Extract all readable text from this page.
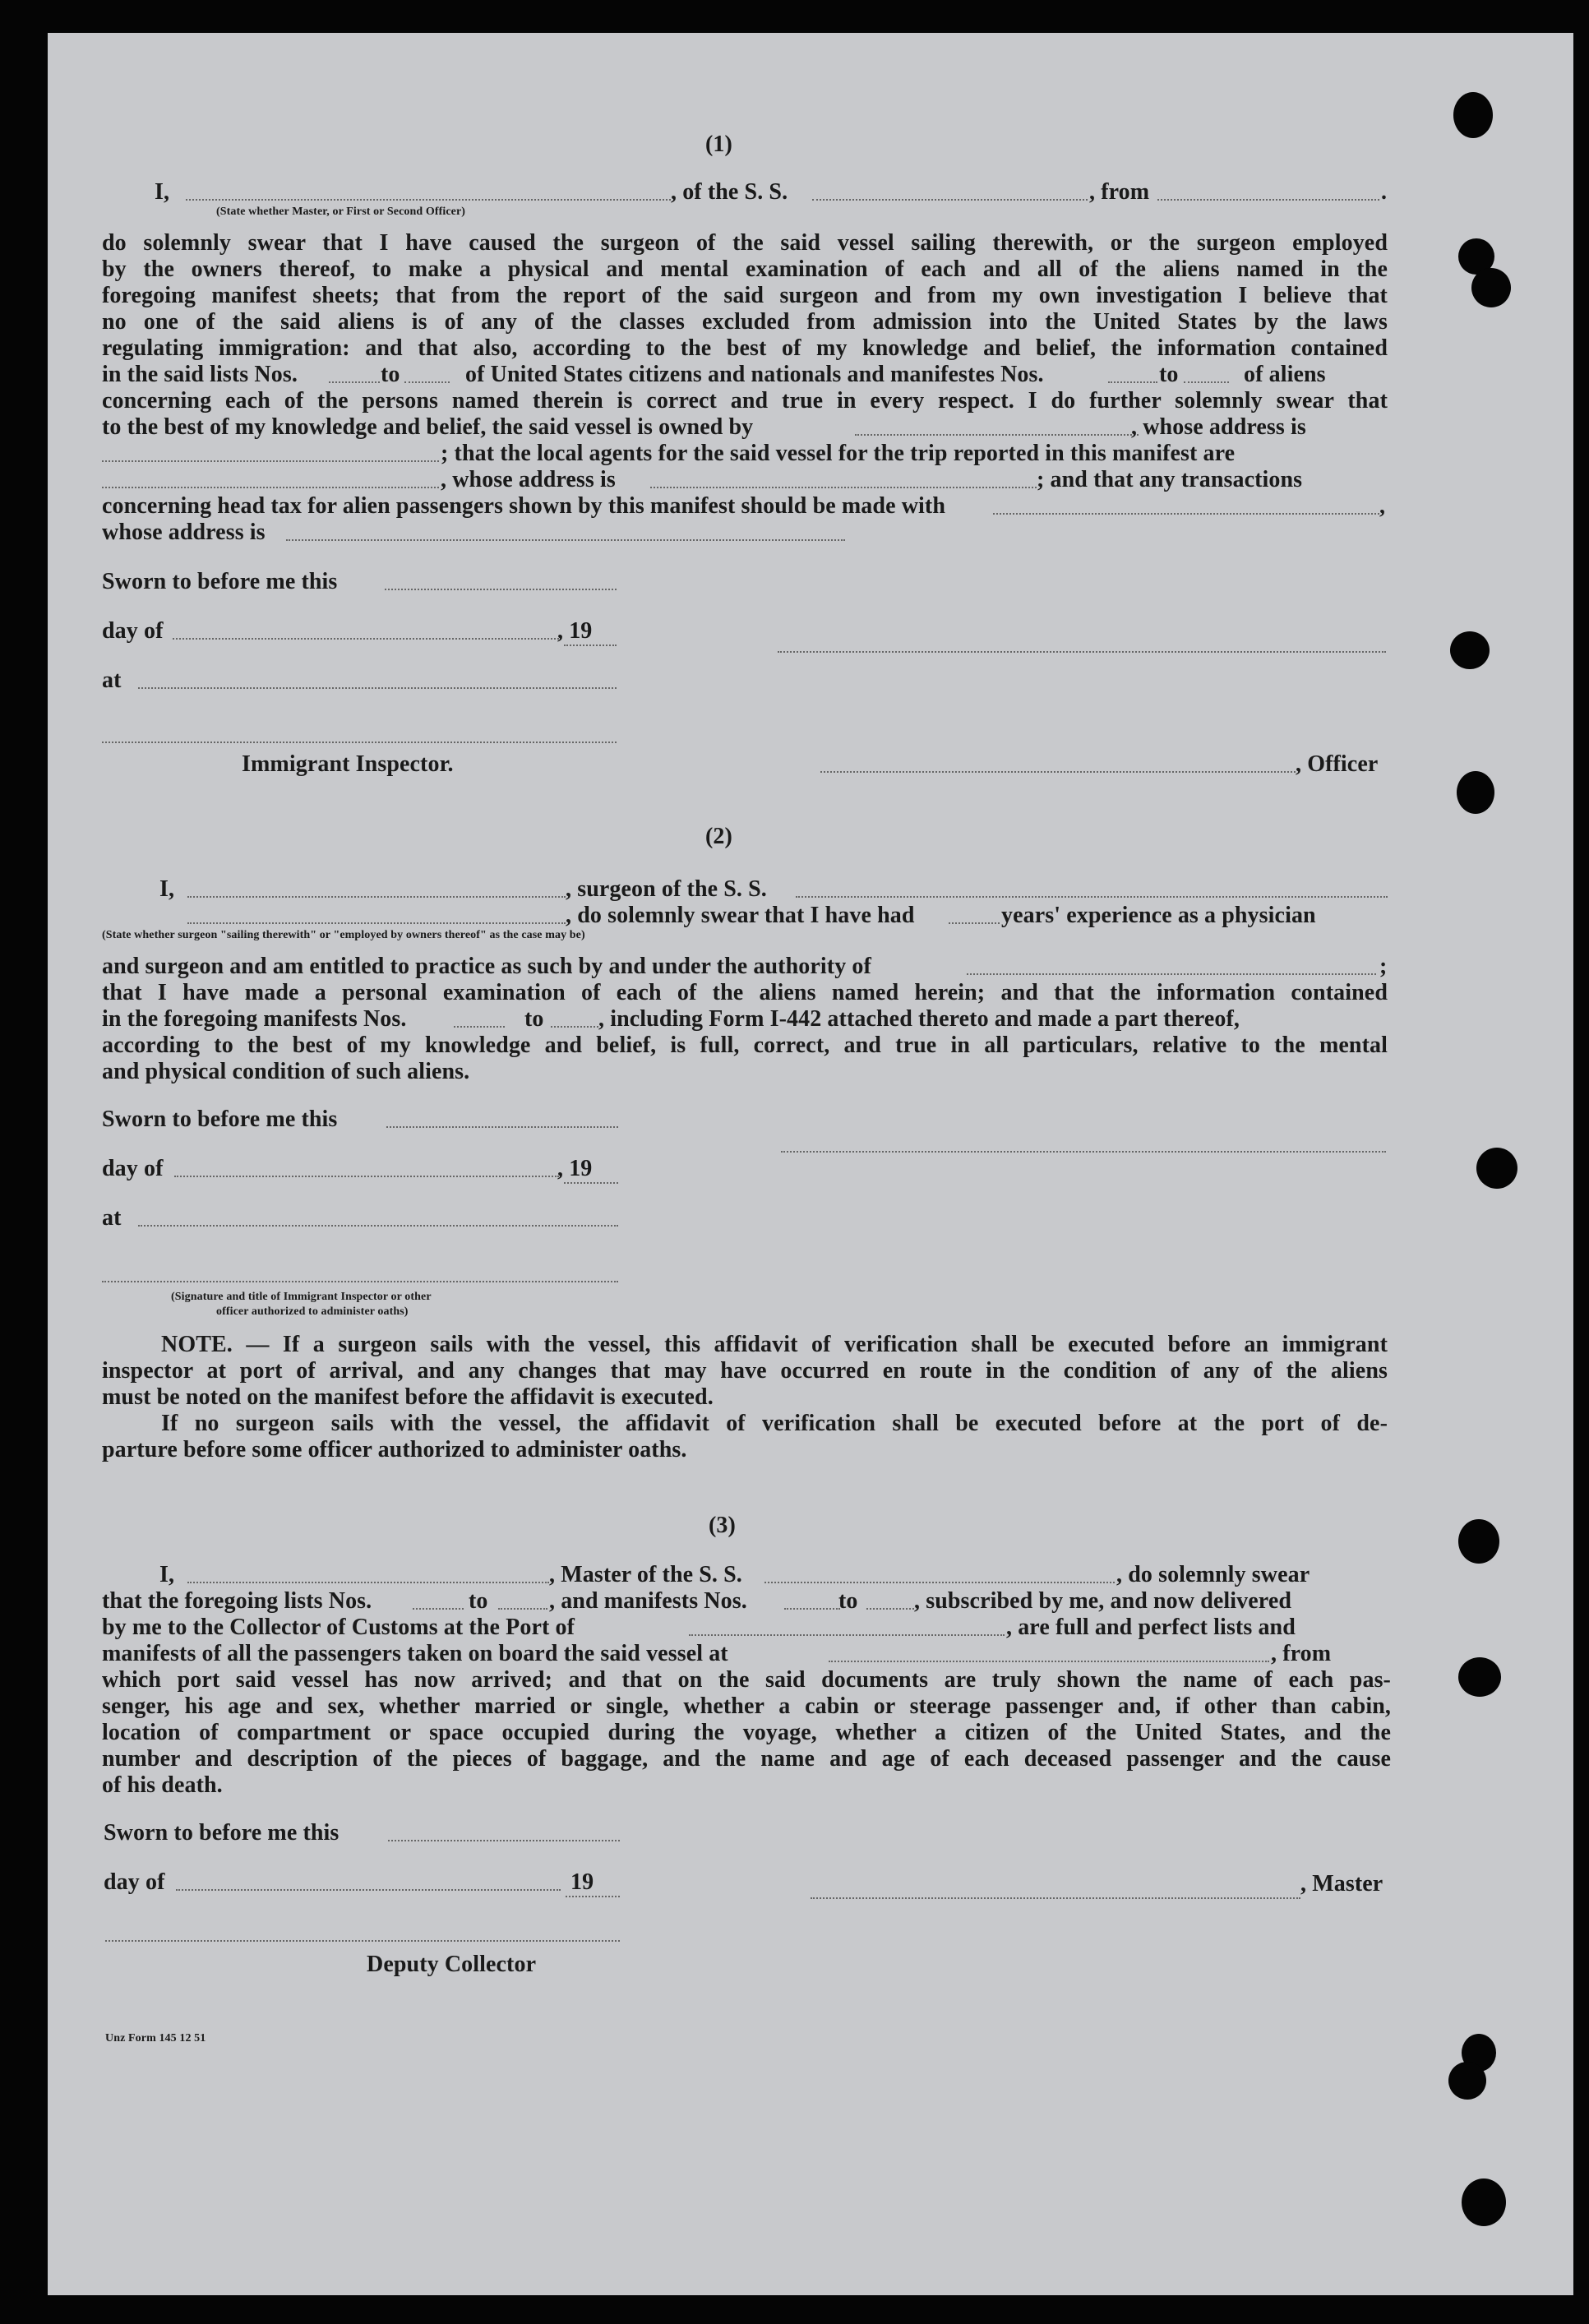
(1)
I,	, of the S. S.	, from	.
(State whether Master, or First or Second Officer)
do solemnly swear that I have caused the surgeon of the said vessel sailing therewith, or the surgeon employed
by the owners thereof, to make a physical and mental examination of each and all of the aliens named in the
foregoing manifest sheets; that from the report of the said surgeon and from my own investigation I believe that
no one of the said aliens is of any of the classes excluded from admission into the United States by the laws
regulating immigration: and that also, according to the best of my knowledge and belief, the information contained
in the said lists Nos.	to	of United States citizens and nationals and manifestes Nos.	to	of aliens
concerning each of the persons named therein is correct and true in every respect. I do further solemnly swear that
to the best of my knowledge and belief, the said vessel is owned by	, whose address is
; that the local agents for the said vessel for the trip reported in this manifest are
, whose address is	; and that any transactions
concerning head tax for alien passengers shown by this manifest should be made with	,
whose address is
Sworn to before me this
day of	, 19
at
Immigrant Inspector.	, Officer
(2)
I,	, surgeon of the S. S.
, do solemnly swear that I have had	years' experience as a physician
(State whether surgeon "sailing therewith" or "employed by owners thereof" as the case may be)
and surgeon and am entitled to practice as such by and under the authority of	;
that I have made a personal examination of each of the aliens named herein; and that the information contained
in the foregoing manifests Nos.	to , including Form I-442 attached thereto and made a part thereof,
according to the best of my knowledge and belief, is full, correct, and true in all particulars, relative to the mental
and physical condition of such aliens.
Sworn to before me this
day of	, 19
at
(Signature and title of Immigrant Inspector or other
officer authorized to administer oaths)
NOTE. — If a surgeon sails with the vessel, this affidavit of verification shall be executed before an immigrant
inspector at port of arrival, and any changes that may have occurred en route in the condition of any of the aliens
must be noted on the manifest before the affidavit is executed.
If no surgeon sails with the vessel, the affidavit of verification shall be executed before at the port of de-
parture before some officer authorized to administer oaths.
(3)
I,	, Master of the S. S.	, do solemnly swear
that the foregoing lists Nos.	to	, and manifests Nos.	to , subscribed by me, and now delivered
by me to the Collector of Customs at the Port of	, are full and perfect lists and
manifests of all the passengers taken on board the said vessel at	, from
which port said vessel has now arrived; and that on the said documents are truly shown the name of each pas-
senger, his age and sex, whether married or single, whether a cabin or steerage passenger and, if other than cabin,
location of compartment or space occupied during the voyage, whether a citizen of the United States, and the
number and description of the pieces of baggage, and the name and age of each deceased passenger and the cause
of his death.
Sworn to before me this
day of	19	, Master
Deputy Collector
Unz Form 145 12 51
